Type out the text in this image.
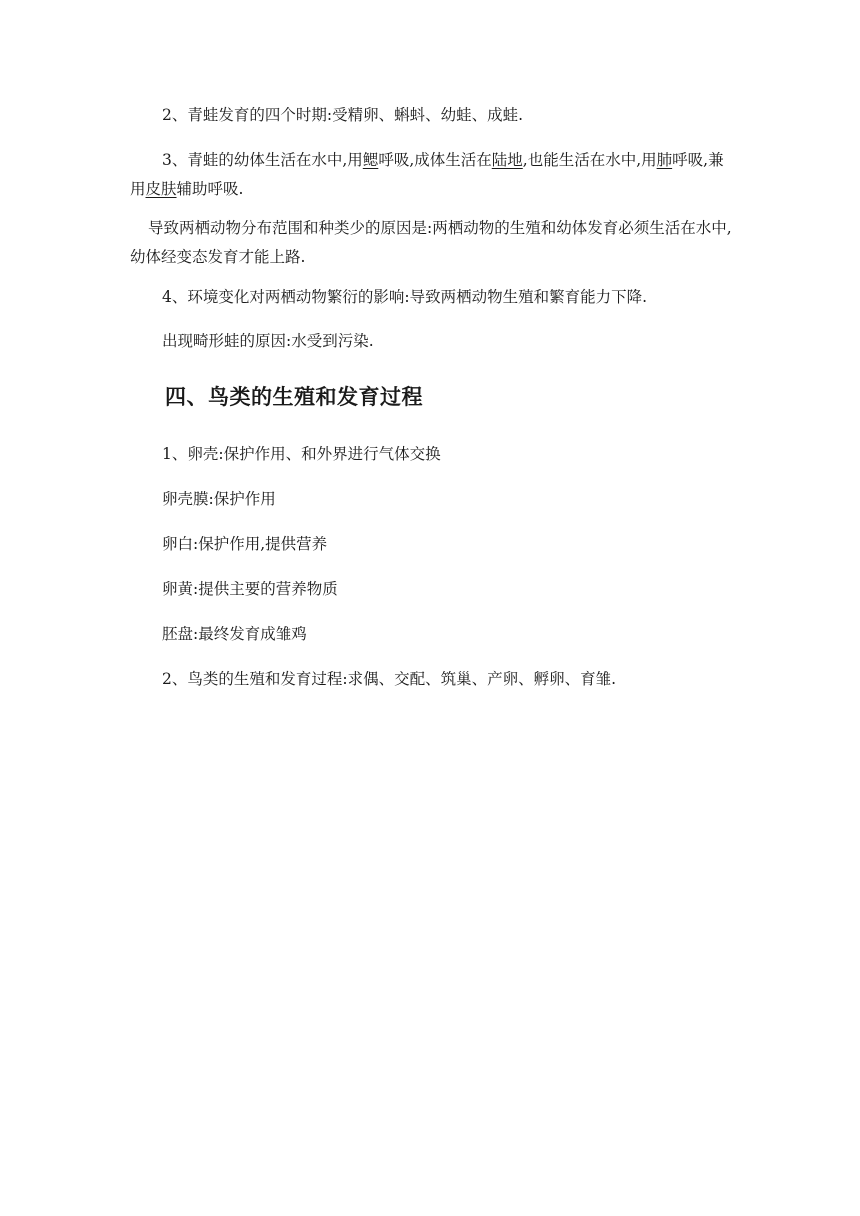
2、青蛙发育的四个时期:受精卵、蝌蚪、幼蛙、成蛙.

3、青蛙的幼体生活在水中,用鳃呼吸,成体生活在陆地,也能生活在水中,用肺呼吸,兼用皮肤辅助呼吸.

导致两栖动物分布范围和种类少的原因是:两栖动物的生殖和幼体发育必须生活在水中,幼体经变态发育才能上路.

4、环境变化对两栖动物繁衍的影响:导致两栖动物生殖和繁育能力下降.

出现畸形蛙的原因:水受到污染.

四、鸟类的生殖和发育过程

1、卵壳:保护作用、和外界进行气体交换

卵壳膜:保护作用

卵白:保护作用,提供营养

卵黄:提供主要的营养物质

胚盘:最终发育成雏鸡

2、鸟类的生殖和发育过程:求偶、交配、筑巢、产卵、孵卵、育雏.
